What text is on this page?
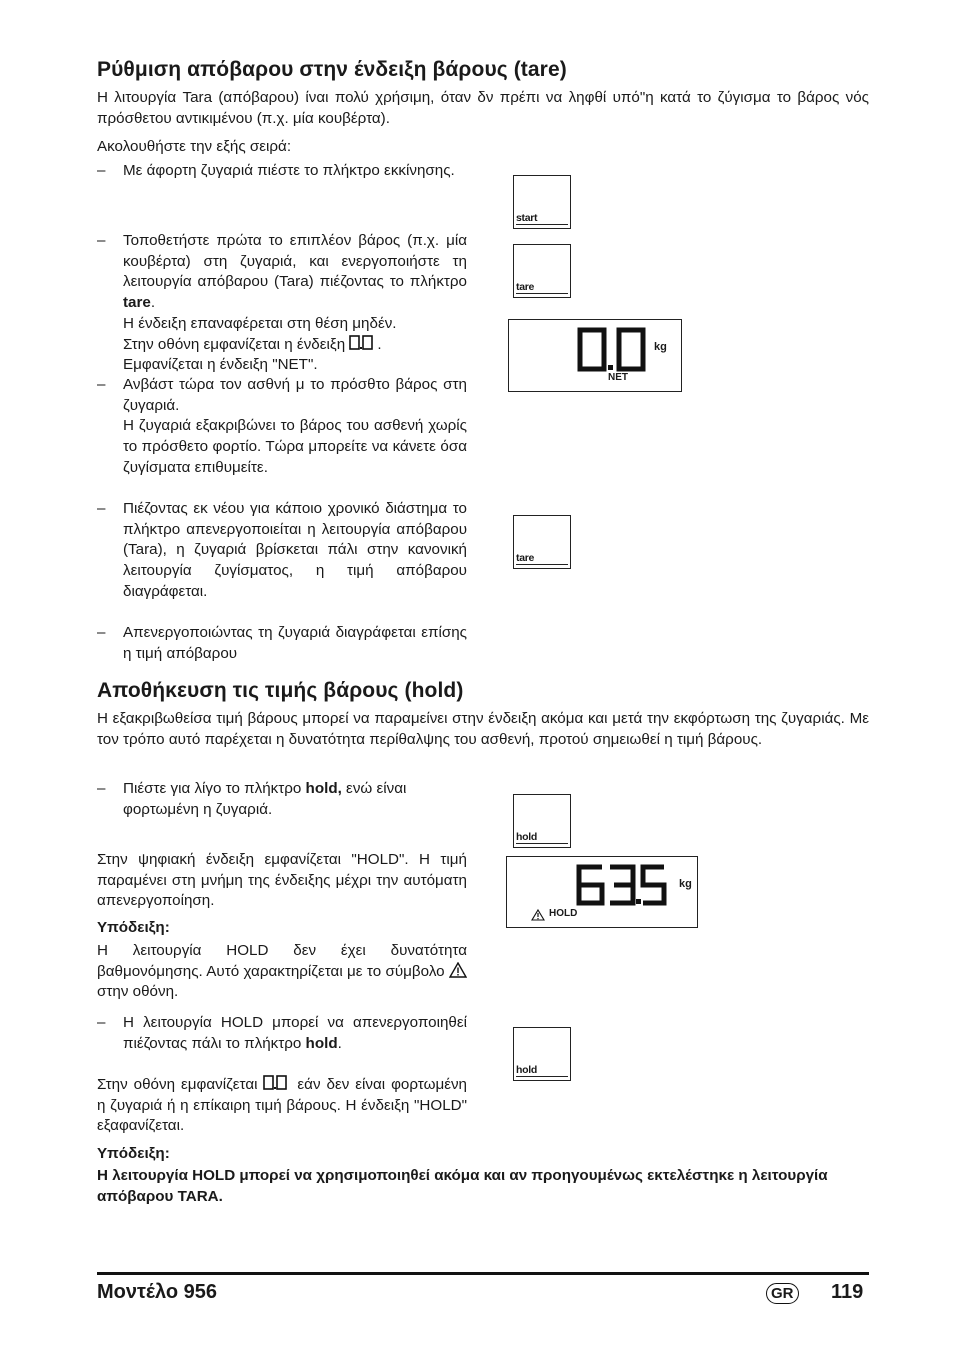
Ρύθμιση απόβαρου στην ένδειξη βάρους (tare)

Η λιτουργία Tara (απόβαρου) ίναι πολύ χρήσιμη, όταν δν πρέπι να ληφθί υπό"η κατά το ζύγισμα το βάρος νός πρόσθετου αντικιμένου (π.χ. μία κουβέρτα).

Ακολουθήστε την εξής σειρά:

– Με άφορτη ζυγαριά πιέστε το πλήκτρο εκκίνησης.
– Τοποθετήστε πρώτα το επιπλέον βάρος (π.χ. μία κουβέρτα) στη ζυγαριά, και ενεργοποιήστε τη λειτουργία απόβαρου (Tara) πιέζοντας το πλήκτρο tare.
Η ένδειξη επαναφέρεται στη θέση μηδέν.
Στην οθόνη εμφανίζεται η ένδειξη .
Εμφανίζεται η ένδειξη "NET".
– Ανβάστ τώρα τον ασθνή μ το πρόσθτο βάρος στη ζυγαριά.
Η ζυγαριά εξακριβώνει το βάρος του ασθενή χωρίς το πρόσθετο φορτίο. Τώρα μπορείτε να κάνετε όσα ζυγίσματα επιθυμείτε.
– Πιέζοντας εκ νέου για κάποιο χρονικό διάστημα το πλήκτρο απενεργοποιείται η λειτουργία απόβαρου (Tara), η ζυγαριά βρίσκεται πάλι στην κανονική λειτουργία ζυγίσματος, η τιμή απόβαρου διαγράφεται.
– Απενεργοποιώντας τη ζυγαριά διαγράφεται επίσης η τιμή απόβαρου
start
tare
kg
NET
tare
Αποθήκευση τις τιμής βάρους (hold)

Η εξακριβωθείσα τιμή βάρους μπορεί να παραμείνει στην ένδειξη ακόμα και μετά την εκφόρτωση της ζυγαριάς. Με τον τρόπο αυτό παρέχεται η δυνατότητα περίθαλψης του ασθενή, προτού σημειωθεί η τιμή βάρους.

– Πιέστε για λίγο το πλήκτρο hold, ενώ είναι φορτωμένη η ζυγαριά.

Στην ψηφιακή ένδειξη εμφανίζεται "HOLD". Η τιμή παραμένει στη μνήμη της ένδειξης μέχρι την αυτόματη απενεργοποίηση.

Υπόδειξη:

Η λειτουργία HOLD δεν έχει δυνατότητα βαθμονόμησης. Αυτό χαρακτηρίζεται με το σύμβολο  στην οθόνη.

– Η λειτουργία HOLD μπορεί να απενεργοποιηθεί πιέζοντας πάλι το πλήκτρο hold.

Στην οθόνη εμφανίζεται	εάν δεν είναι φορτωμένη η ζυγαριά ή η επίκαιρη τιμή βάρους. Η ένδειξη "HOLD" εξαφανίζεται.

Υπόδειξη:

Η λειτουργία HOLD μπορεί να χρησιμοποιηθεί ακόμα και αν προηγουμένως εκτελέστηκε η λειτουργία απόβαρου TARA.

hold
kg
HOLD
hold
Μοντέλο 956	GR 119
